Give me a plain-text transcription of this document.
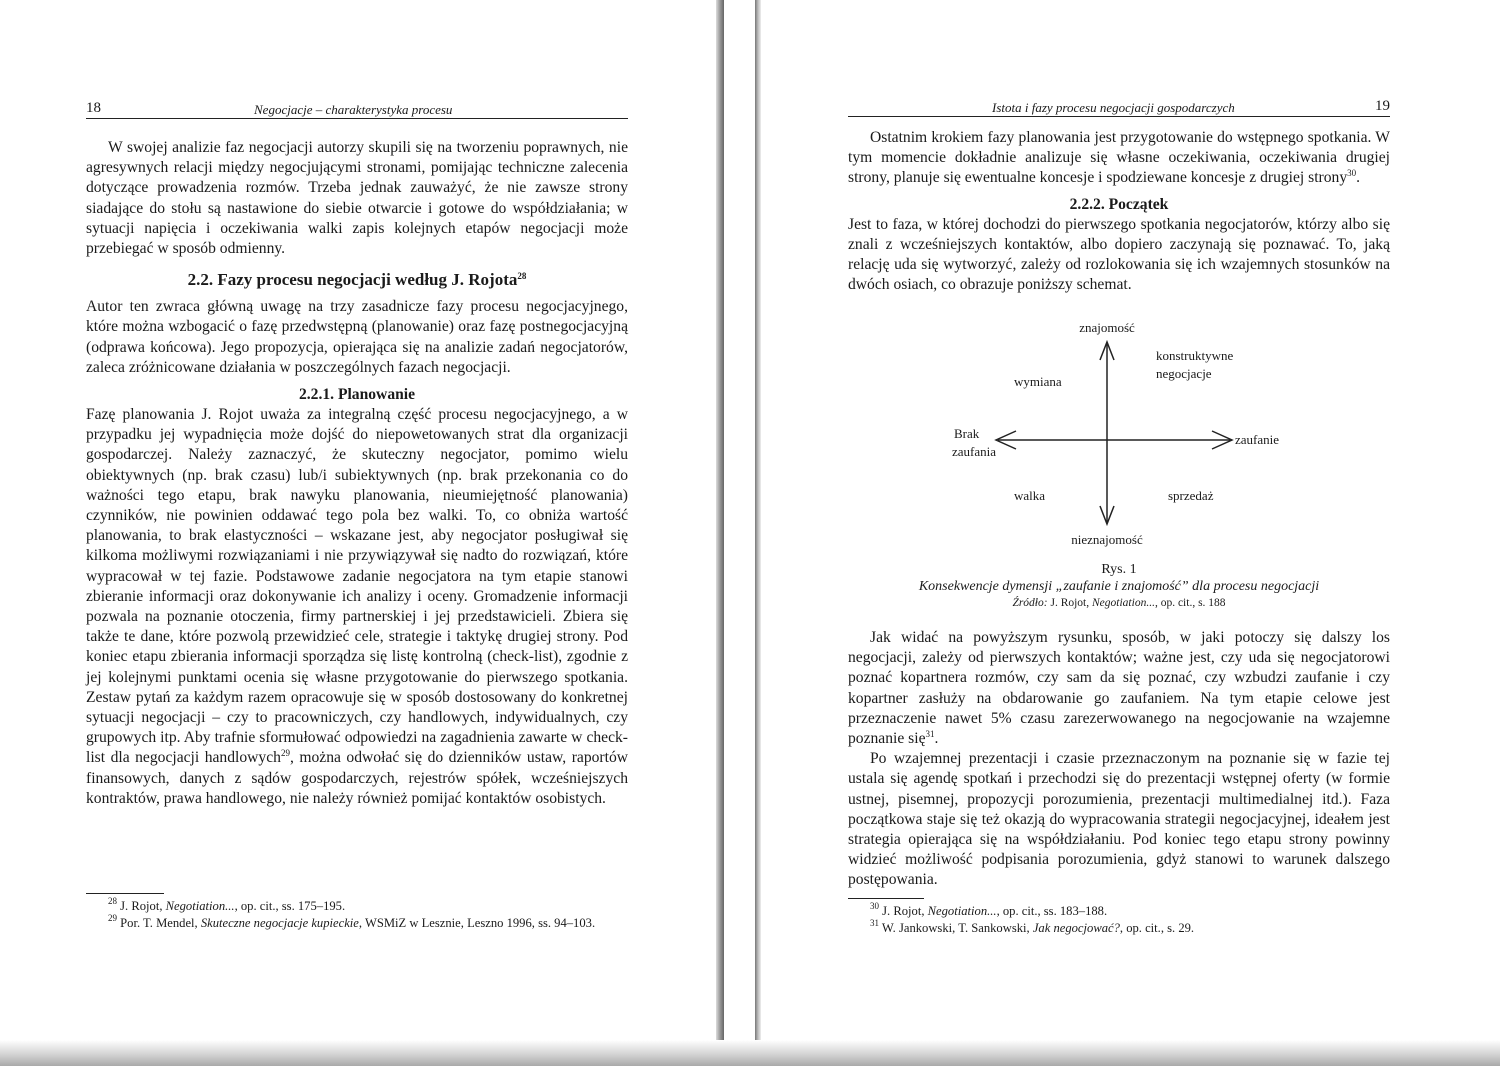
18	Negocjacje – charakterystyka procesu

W swojej analizie faz negocjacji autorzy skupili się na tworzeniu poprawnych, nie agresywnych relacji między negocjującymi stronami, pomijając techniczne zalecenia dotyczące prowadzenia rozmów. Trzeba jednak zauważyć, że nie zawsze strony siadające do stołu są nastawione do siebie otwarcie i gotowe do współdziałania; w sytuacji napięcia i oczekiwania walki zapis kolejnych etapów negocjacji może przebiegać w sposób odmienny.

2.2. Fazy procesu negocjacji według J. Rojota$^{28}$

Autor ten zwraca główną uwagę na trzy zasadnicze fazy procesu negocjacyjnego, które można wzbogacić o fazę przedwstępną (planowanie) oraz fazę postnegocjacyjną (odprawa końcowa). Jego propozycja, opierająca się na analizie zadań negocjatorów, zaleca zróżnicowane działania w poszczególnych fazach negocjacji.

2.2.1. Planowanie

Fazę planowania J. Rojot uważa za integralną część procesu negocjacyjnego, a w przypadku jej wypadnięcia może dojść do niepowetowanych strat dla organizacji gospodarczej. Należy zaznaczyć, że skuteczny negocjator, pomimo wielu obiektywnych (np. brak czasu) lub/i subiektywnych (np. brak przekonania co do ważności tego etapu, brak nawyku planowania, nieumiejętność planowania) czynników, nie powinien oddawać tego pola bez walki. To, co obniża wartość planowania, to brak elastyczności – wskazane jest, aby negocjator posługiwał się kilkoma możliwymi rozwiązaniami i nie przywiązywał się nadto do rozwiązań, które wypracował w tej fazie. Podstawowe zadanie negocjatora na tym etapie stanowi zbieranie informacji oraz dokonywanie ich analizy i oceny. Gromadzenie informacji pozwala na poznanie otoczenia, firmy partnerskiej i jej przedstawicieli. Zbiera się także te dane, które pozwolą przewidzieć cele, strategie i taktykę drugiej strony. Pod koniec etapu zbierania informacji sporządza się listę kontrolną (check-list), zgodnie z jej kolejnymi punktami ocenia się własne przygotowanie do pierwszego spotkania. Zestaw pytań za każdym razem opracowuje się w sposób dostosowany do konkretnej sytuacji negocjacji – czy to pracowniczych, czy handlowych, indywidualnych, czy grupowych itp. Aby trafnie sformułować odpowiedzi na zagadnienia zawarte w check-list dla negocjacji handlowych$^{29}$, można odwołać się do dzienników ustaw, raportów finansowych, danych z sądów gospodarczych, rejestrów spółek, wcześniejszych kontraktów, prawa handlowego, nie należy również pomijać kontaktów osobistych.

$^{28}$ J. Rojot, Negotiation..., op. cit., ss. 175–195.

$^{29}$ Por. T. Mendel, Skuteczne negocjacje kupieckie, WSMiZ w Lesznie, Leszno 1996, ss. 94–103.

Istota i fazy procesu negocjacji gospodarczych	19

Ostatnim krokiem fazy planowania jest przygotowanie do wstępnego spotkania. W tym momencie dokładnie analizuje się własne oczekiwania, oczekiwania drugiej strony, planuje się ewentualne koncesje i spodziewane koncesje z drugiej strony$^{30}$.

2.2.2. Początek

Jest to faza, w której dochodzi do pierwszego spotkania negocjatorów, którzy albo się znali z wcześniejszych kontaktów, albo dopiero zaczynają się poznawać. To, jaką relację uda się wytworzyć, zależy od rozlokowania się ich wzajemnych stosunków na dwóch osiach, co obrazuje poniższy schemat.

znajomość
nieznajomość
Brak
zaufania
zaufanie
wymiana
konstruktywne
negocjacje
walka	sprzedaż
Rys. 1
Konsekwencje dymensji „zaufanie i znajomość” dla procesu negocjacji
Źródło: J. Rojot, Negotiation..., op. cit., s. 188

Jak widać na powyższym rysunku, sposób, w jaki potoczy się dalszy los negocjacji, zależy od pierwszych kontaktów; ważne jest, czy uda się negocjatorowi poznać kopartnera rozmów, czy sam da się poznać, czy wzbudzi zaufanie i czy kopartner zasłuży na obdarowanie go zaufaniem. Na tym etapie celowe jest przeznaczenie nawet 5% czasu zarezerwowanego na negocjowanie na wzajemne poznanie się$^{31}$.

Po wzajemnej prezentacji i czasie przeznaczonym na poznanie się w fazie tej ustala się agendę spotkań i przechodzi się do prezentacji wstępnej oferty (w formie ustnej, pisemnej, propozycji porozumienia, prezentacji multimedialnej itd.). Faza początkowa staje się też okazją do wypracowania strategii negocjacyjnej, ideałem jest strategia opierająca się na współdziałaniu. Pod koniec tego etapu strony powinny widzieć możliwość podpisania porozumienia, gdyż stanowi to warunek dalszego postępowania.

$^{30}$ J. Rojot, Negotiation..., op. cit., ss. 183–188.

$^{31}$ W. Jankowski, T. Sankowski, Jak negocjować?, op. cit., s. 29.
